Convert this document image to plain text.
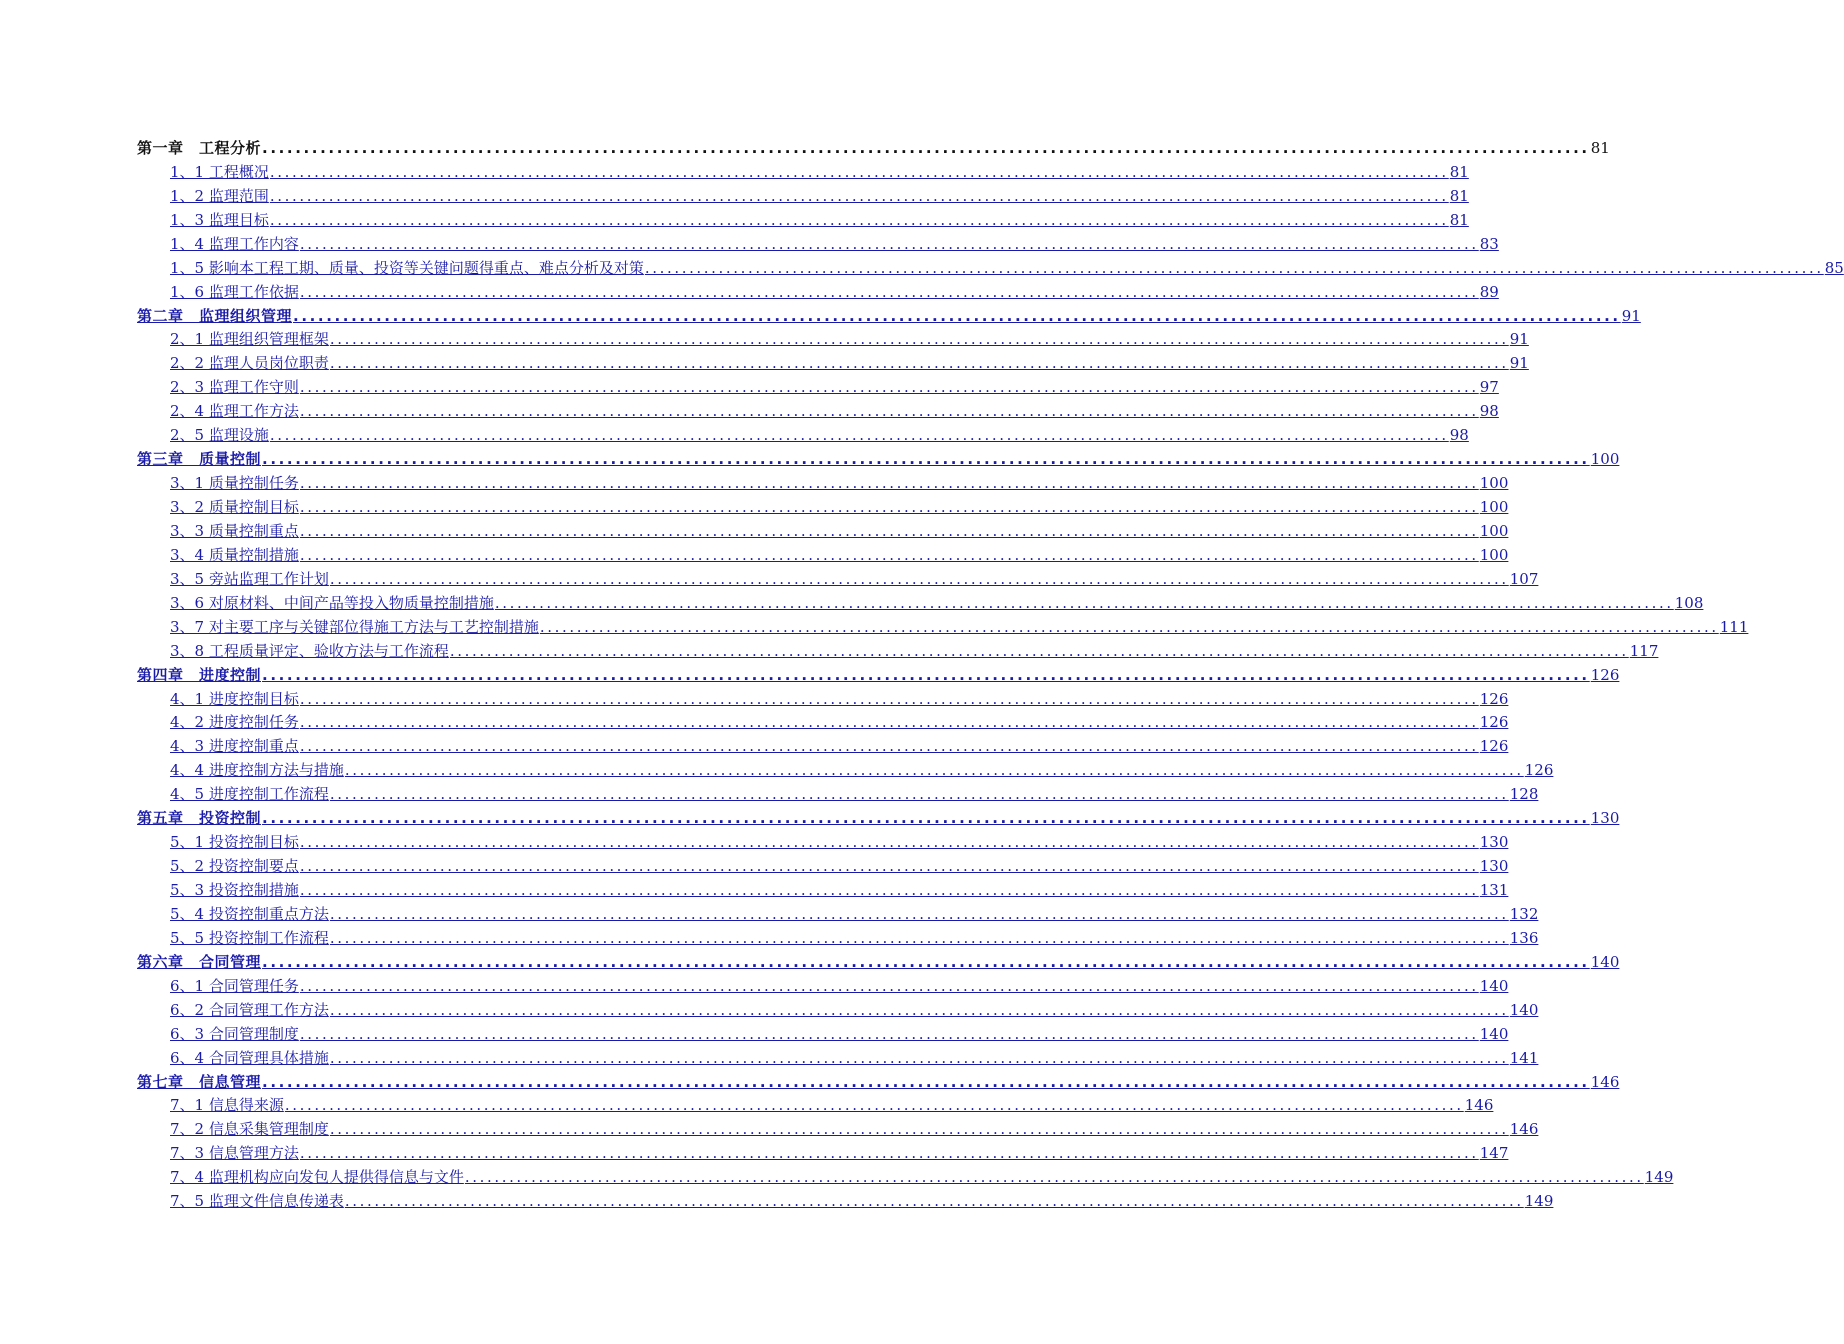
第一章　工程分析 ................................................................................................................................................................ 81
1、1 工程概况 ................................................................................................................................................................ 81
1、2 监理范围 ................................................................................................................................................................ 81
1、3 监理目标 ................................................................................................................................................................ 81
1、4 监理工作内容 ................................................................................................................................................................ 83
1、5 影响本工程工期、质量、投资等关键问题得重点、难点分析及对策 ................................................................................................................................................................ 85
1、6 监理工作依据 ................................................................................................................................................................ 89
第二章　监理组织管理 ................................................................................................................................................................ 91
2、1 监理组织管理框架 ................................................................................................................................................................ 91
2、2 监理人员岗位职责 ................................................................................................................................................................ 91
2、3 监理工作守则 ................................................................................................................................................................ 97
2、4 监理工作方法 ................................................................................................................................................................ 98
2、5 监理设施 ................................................................................................................................................................ 98
第三章　质量控制 ................................................................................................................................................................ 100
3、1 质量控制任务 ................................................................................................................................................................ 100
3、2 质量控制目标 ................................................................................................................................................................ 100
3、3 质量控制重点 ................................................................................................................................................................ 100
3、4 质量控制措施 ................................................................................................................................................................ 100
3、5 旁站监理工作计划 ................................................................................................................................................................ 107
3、6 对原材料、中间产品等投入物质量控制措施 ................................................................................................................................................................ 108
3、7 对主要工序与关键部位得施工方法与工艺控制措施 ................................................................................................................................................................ 111
3、8 工程质量评定、验收方法与工作流程 ................................................................................................................................................................ 117
第四章　进度控制 ................................................................................................................................................................ 126
4、1 进度控制目标 ................................................................................................................................................................ 126
4、2 进度控制任务 ................................................................................................................................................................ 126
4、3 进度控制重点 ................................................................................................................................................................ 126
4、4 进度控制方法与措施 ................................................................................................................................................................ 126
4、5 进度控制工作流程 ................................................................................................................................................................ 128
第五章　投资控制 ................................................................................................................................................................ 130
5、1 投资控制目标 ................................................................................................................................................................ 130
5、2 投资控制要点 ................................................................................................................................................................ 130
5、3 投资控制措施 ................................................................................................................................................................ 131
5、4 投资控制重点方法 ................................................................................................................................................................ 132
5、5 投资控制工作流程 ................................................................................................................................................................ 136
第六章　合同管理 ................................................................................................................................................................ 140
6、1 合同管理任务 ................................................................................................................................................................ 140
6、2 合同管理工作方法 ................................................................................................................................................................ 140
6、3 合同管理制度 ................................................................................................................................................................ 140
6、4 合同管理具体措施 ................................................................................................................................................................ 141
第七章　信息管理 ................................................................................................................................................................ 146
7、1 信息得来源 ................................................................................................................................................................ 146
7、2 信息采集管理制度 ................................................................................................................................................................ 146
7、3 信息管理方法 ................................................................................................................................................................ 147
7、4 监理机构应向发包人提供得信息与文件 ................................................................................................................................................................ 149
7、5 监理文件信息传递表 ................................................................................................................................................................ 149
